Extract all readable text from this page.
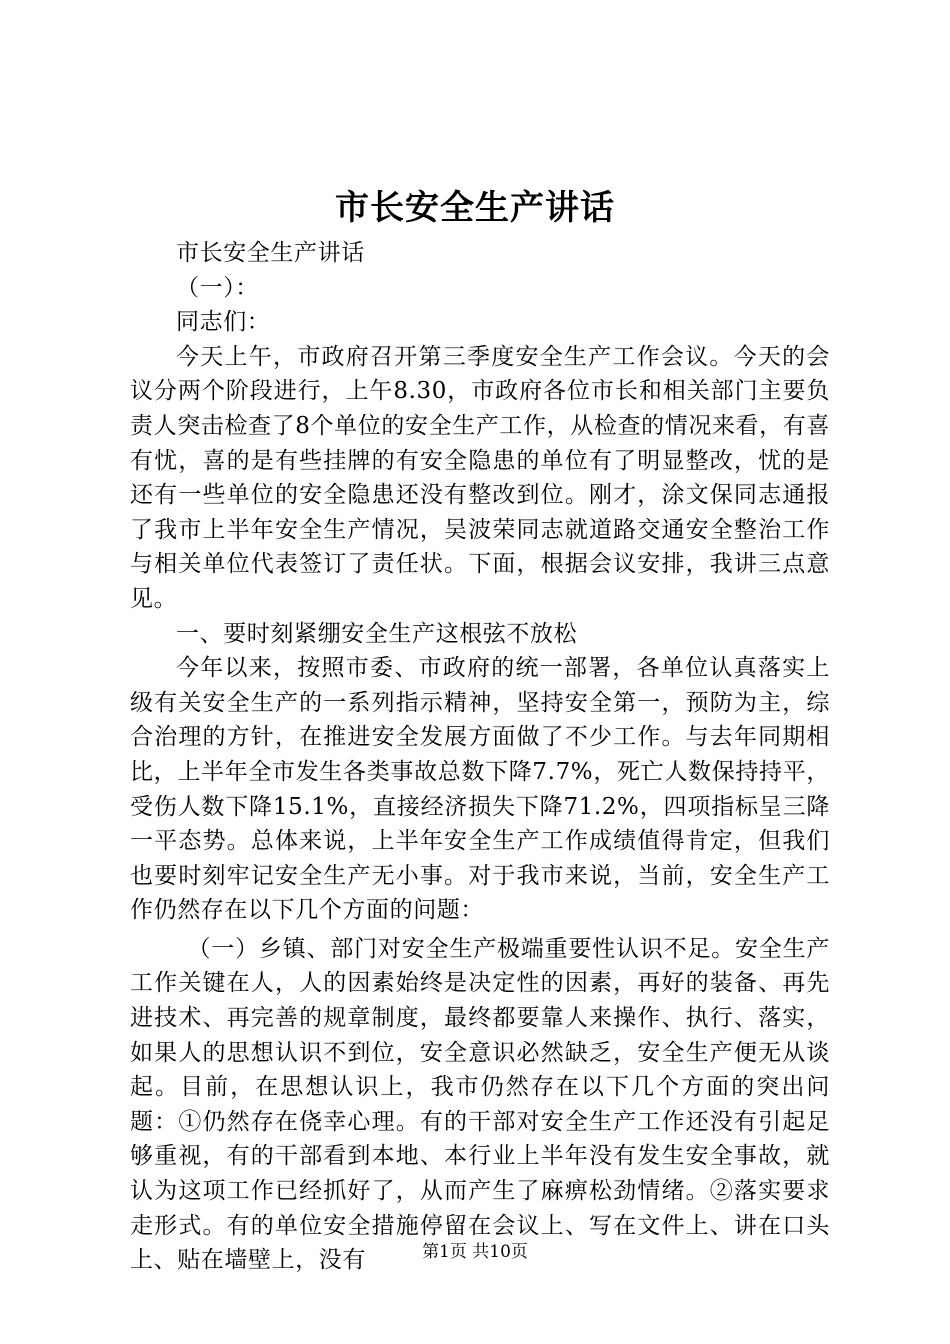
市长安全生产讲话

市长安全生产讲话

（一）：

同志们：

今天上午，市政府召开第三季度安全生产工作会议。今天的会议分两个阶段进行，上午8.30，市政府各位市长和相关部门主要负责人突击检查了8个单位的安全生产工作，从检查的情况来看，有喜有忧，喜的是有些挂牌的有安全隐患的单位有了明显整改，忧的是还有一些单位的安全隐患还没有整改到位。刚才，涂文保同志通报了我市上半年安全生产情况，吴波荣同志就道路交通安全整治工作与相关单位代表签订了责任状。下面，根据会议安排，我讲三点意见。

一、要时刻紧绷安全生产这根弦不放松

今年以来，按照市委、市政府的统一部署，各单位认真落实上级有关安全生产的一系列指示精神，坚持安全第一，预防为主，综合治理的方针，在推进安全发展方面做了不少工作。与去年同期相比，上半年全市发生各类事故总数下降7.7%，死亡人数保持持平，受伤人数下降15.1%，直接经济损失下降71.2%，四项指标呈三降一平态势。总体来说，上半年安全生产工作成绩值得肯定，但我们也要时刻牢记安全生产无小事。对于我市来说，当前，安全生产工作仍然存在以下几个方面的问题：

（一）乡镇、部门对安全生产极端重要性认识不足。安全生产工作关键在人，人的因素始终是决定性的因素，再好的装备、再先进技术、再完善的规章制度，最终都要靠人来操作、执行、落实，如果人的思想认识不到位，安全意识必然缺乏，安全生产便无从谈起。目前，在思想认识上，我市仍然存在以下几个方面的突出问题：①仍然存在侥幸心理。有的干部对安全生产工作还没有引起足够重视，有的干部看到本地、本行业上半年没有发生安全事故，就认为这项工作已经抓好了，从而产生了麻痹松劲情绪。②落实要求走形式。有的单位安全措施停留在会议上、写在文件上、讲在口头上、贴在墙壁上，没有	第1页 共10页
